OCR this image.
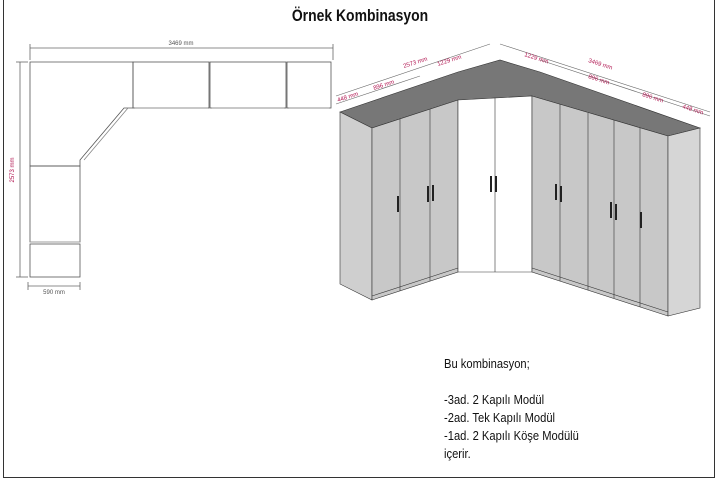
Örnek Kombinasyon
3469 mm
2573 mm
590 mm
2573 mm
448 mm
896 mm
1229 mm	3469 mm
1229 mm
896 mm
896 mm
448 mm
Bu kombinasyon;
-3ad. 2 Kapılı Modül
-2ad. Tek Kapılı Modül
-1ad. 2 Kapılı Köşe Modülü
içerir.
